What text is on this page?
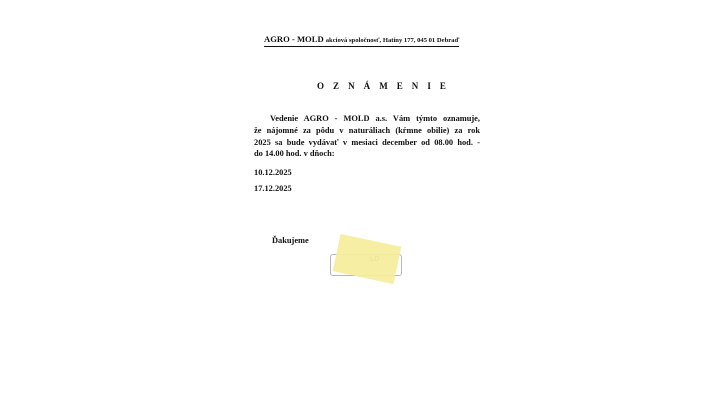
AGRO - MOLD akciová spoločnosť, Hatiny 177, 045 01 Debraď
O Z N Á M E N I E
Vedenie AGRO - MOLD a.s. Vám týmto oznamuje,
že nájomné za pôdu v naturáliach (kŕmne obilie) za rok
2025 sa bude vydávať v mesiaci december od 08.00 hod. -
do 14.00 hod. v dňoch:
10.12.2025
17.12.2025
Ďakujeme
